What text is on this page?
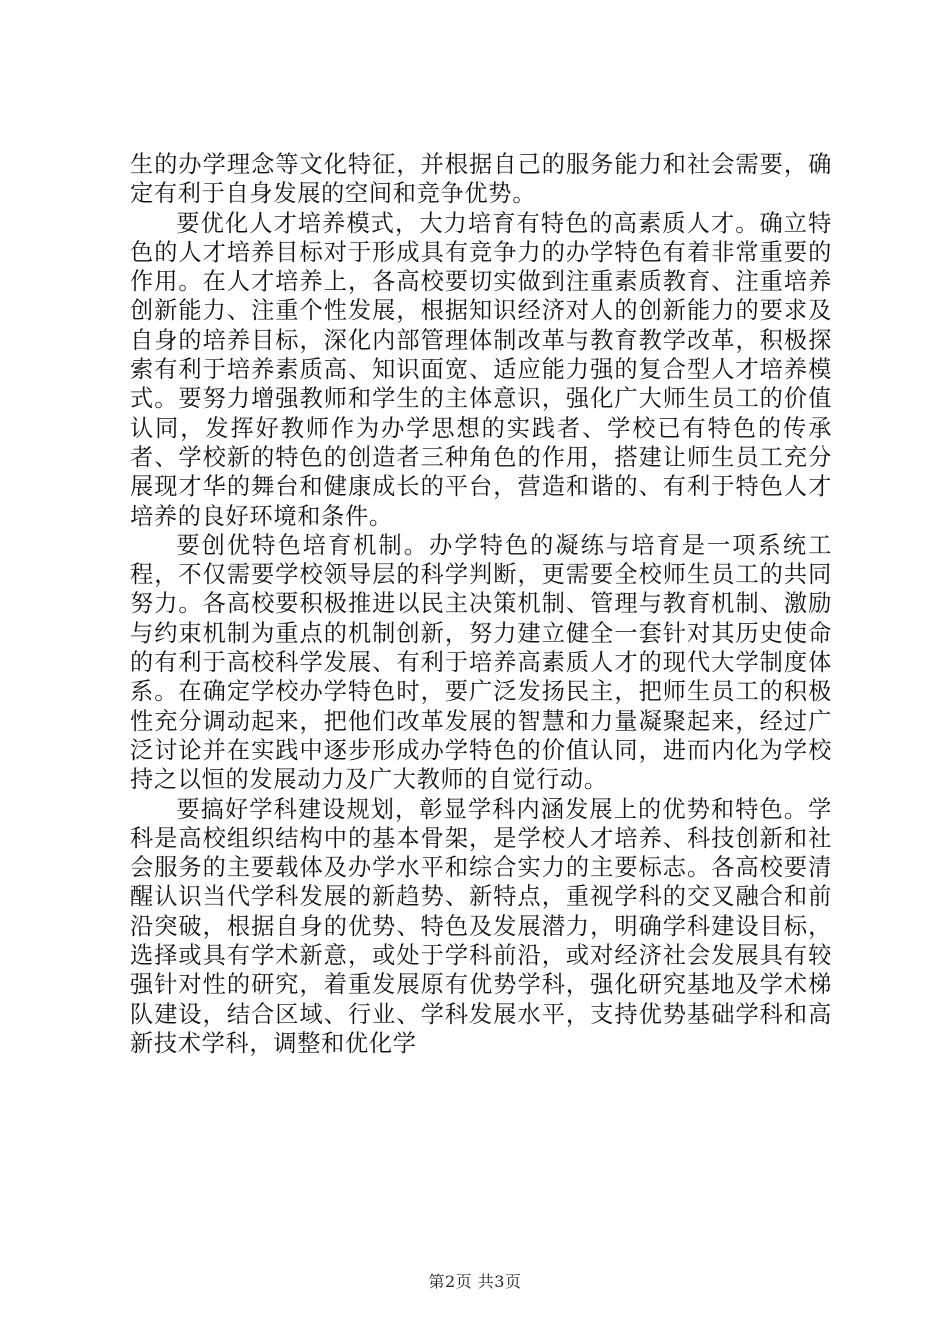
生的办学理念等文化特征，并根据自己的服务能力和社会需要，确定有利于自身发展的空间和竞争优势。

要优化人才培养模式，大力培育有特色的高素质人才。确立特色的人才培养目标对于形成具有竞争力的办学特色有着非常重要的作用。在人才培养上，各高校要切实做到注重素质教育、注重培养创新能力、注重个性发展，根据知识经济对人的创新能力的要求及自身的培养目标，深化内部管理体制改革与教育教学改革，积极探索有利于培养素质高、知识面宽、适应能力强的复合型人才培养模式。要努力增强教师和学生的主体意识，强化广大师生员工的价值认同，发挥好教师作为办学思想的实践者、学校已有特色的传承者、学校新的特色的创造者三种角色的作用，搭建让师生员工充分展现才华的舞台和健康成长的平台，营造和谐的、有利于特色人才培养的良好环境和条件。

要创优特色培育机制。办学特色的凝练与培育是一项系统工程，不仅需要学校领导层的科学判断，更需要全校师生员工的共同努力。各高校要积极推进以民主决策机制、管理与教育机制、激励与约束机制为重点的机制创新，努力建立健全一套针对其历史使命的有利于高校科学发展、有利于培养高素质人才的现代大学制度体系。在确定学校办学特色时，要广泛发扬民主，把师生员工的积极性充分调动起来，把他们改革发展的智慧和力量凝聚起来，经过广泛讨论并在实践中逐步形成办学特色的价值认同，进而内化为学校持之以恒的发展动力及广大教师的自觉行动。

要搞好学科建设规划，彰显学科内涵发展上的优势和特色。学科是高校组织结构中的基本骨架，是学校人才培养、科技创新和社会服务的主要载体及办学水平和综合实力的主要标志。各高校要清醒认识当代学科发展的新趋势、新特点，重视学科的交叉融合和前沿突破，根据自身的优势、特色及发展潜力，明确学科建设目标，选择或具有学术新意，或处于学科前沿，或对经济社会发展具有较强针对性的研究，着重发展原有优势学科，强化研究基地及学术梯队建设，结合区域、行业、学科发展水平，支持优势基础学科和高新技术学科，调整和优化学

第2页 共3页
